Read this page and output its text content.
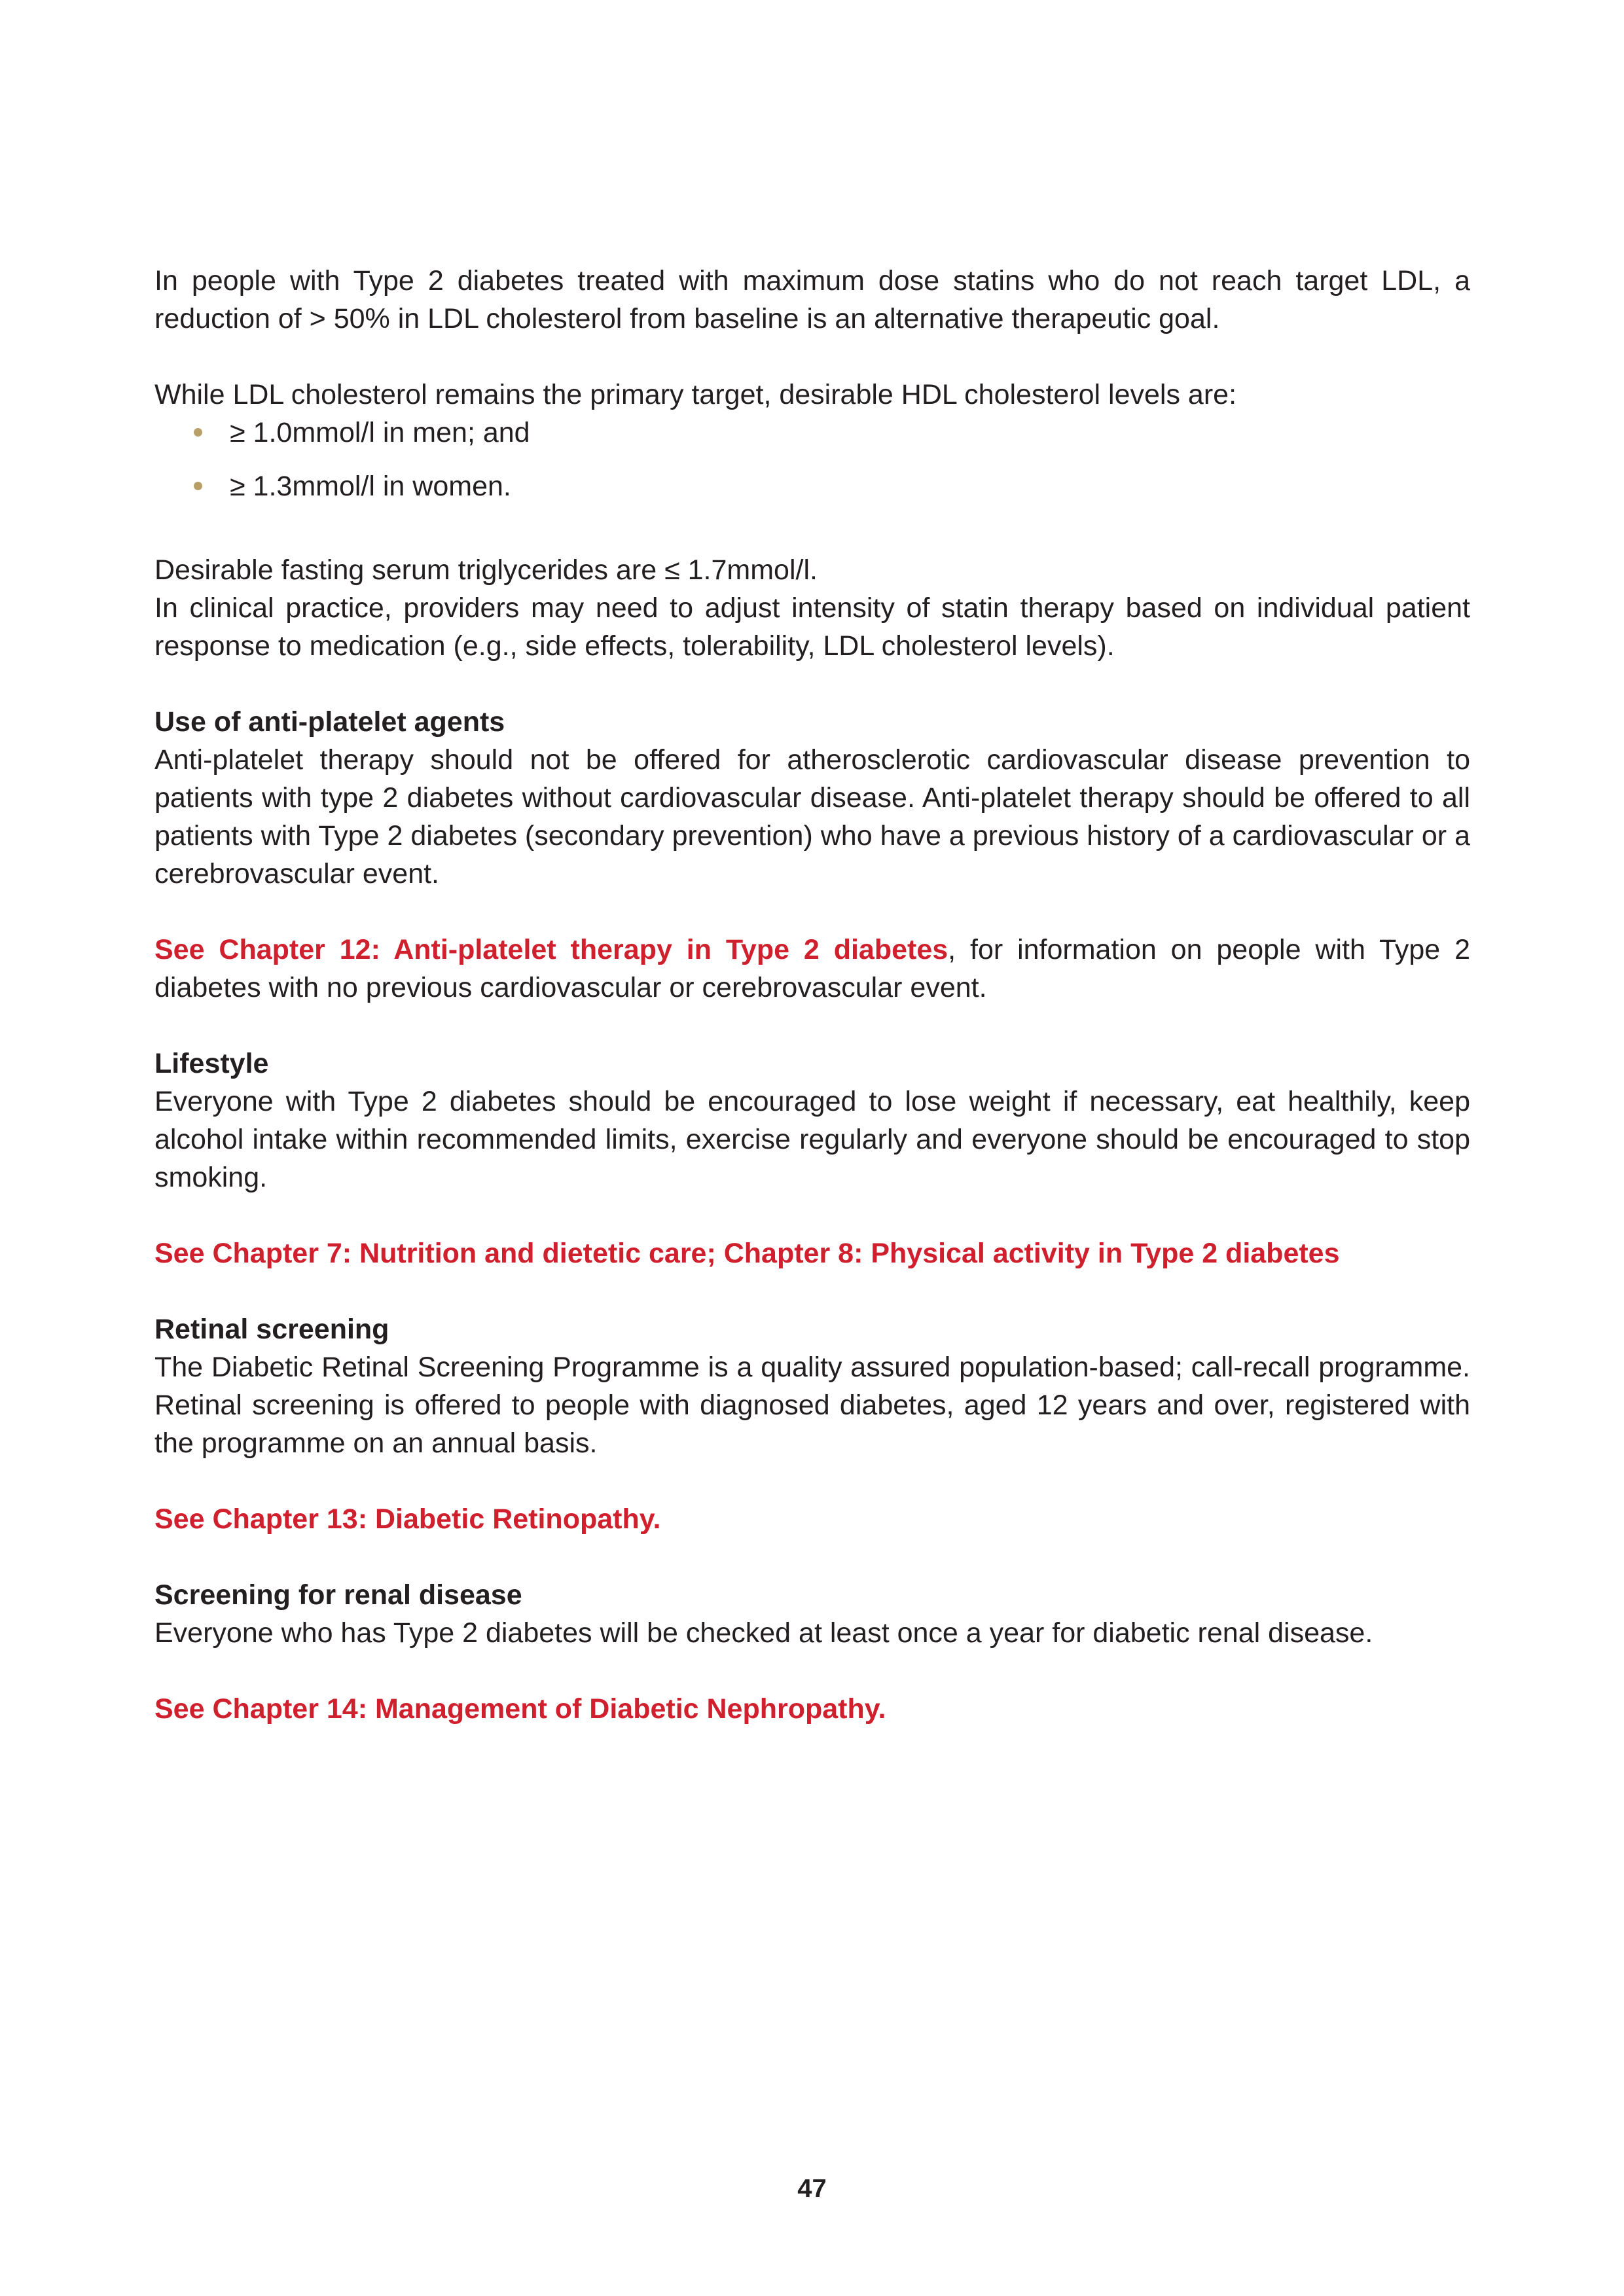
In people with Type 2 diabetes treated with maximum dose statins who do not reach target LDL, a reduction of > 50% in LDL cholesterol from baseline is an alternative therapeutic goal.

While LDL cholesterol remains the primary target, desirable HDL cholesterol levels are:

≥ 1.0mmol/l in men; and
≥ 1.3mmol/l in women.

Desirable fasting serum triglycerides are ≤ 1.7mmol/l.

In clinical practice, providers may need to adjust intensity of statin therapy based on individual patient response to medication (e.g., side effects, tolerability, LDL cholesterol levels).

Use of anti-platelet agents

Anti-platelet therapy should not be offered for atherosclerotic cardiovascular disease prevention to patients with type 2 diabetes without cardiovascular disease. Anti-platelet therapy should be offered to all patients with Type 2 diabetes (secondary prevention) who have a previous history of a cardiovascular or a cerebrovascular event.

See Chapter 12: Anti-platelet therapy in Type 2 diabetes, for information on people with Type 2 diabetes with no previous cardiovascular or cerebrovascular event.

Lifestyle

Everyone with Type 2 diabetes should be encouraged to lose weight if necessary, eat healthily, keep alcohol intake within recommended limits, exercise regularly and everyone should be encouraged to stop smoking.

See Chapter 7: Nutrition and dietetic care; Chapter 8: Physical activity in Type 2 diabetes

Retinal screening

The Diabetic Retinal Screening Programme is a quality assured population-based; call-recall programme. Retinal screening is offered to people with diagnosed diabetes, aged 12 years and over, registered with the programme on an annual basis.

See Chapter 13: Diabetic Retinopathy.

Screening for renal disease

Everyone who has Type 2 diabetes will be checked at least once a year for diabetic renal disease.

See Chapter 14: Management of Diabetic Nephropathy.

47
